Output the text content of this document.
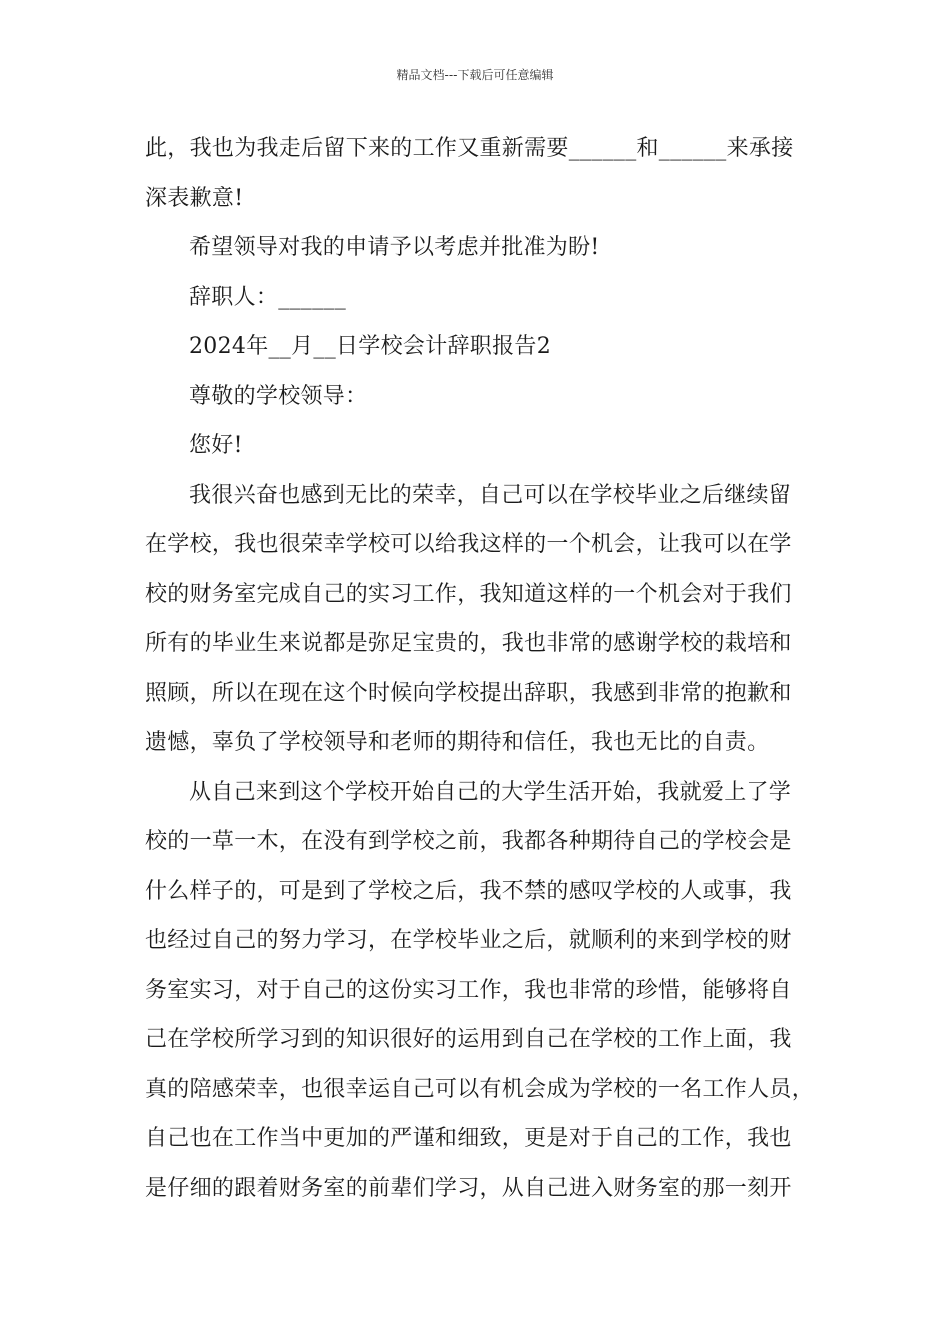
精品文档---下载后可任意编辑

此，我也为我走后留下来的工作又重新需要______和______来承接

深表歉意!

希望领导对我的申请予以考虑并批准为盼!

辞职人：______

2024年__月__日学校会计辞职报告2

尊敬的学校领导：

您好!

我很兴奋也感到无比的荣幸，自己可以在学校毕业之后继续留

在学校，我也很荣幸学校可以给我这样的一个机会，让我可以在学

校的财务室完成自己的实习工作，我知道这样的一个机会对于我们

所有的毕业生来说都是弥足宝贵的，我也非常的感谢学校的栽培和

照顾，所以在现在这个时候向学校提出辞职，我感到非常的抱歉和

遗憾，辜负了学校领导和老师的期待和信任，我也无比的自责。

从自己来到这个学校开始自己的大学生活开始，我就爱上了学

校的一草一木，在没有到学校之前，我都各种期待自己的学校会是

什么样子的，可是到了学校之后，我不禁的感叹学校的人或事，我

也经过自己的努力学习，在学校毕业之后，就顺利的来到学校的财

务室实习，对于自己的这份实习工作，我也非常的珍惜，能够将自

己在学校所学习到的知识很好的运用到自己在学校的工作上面，我

真的陪感荣幸，也很幸运自己可以有机会成为学校的一名工作人员，

自己也在工作当中更加的严谨和细致，更是对于自己的工作，我也

是仔细的跟着财务室的前辈们学习，从自己进入财务室的那一刻开
